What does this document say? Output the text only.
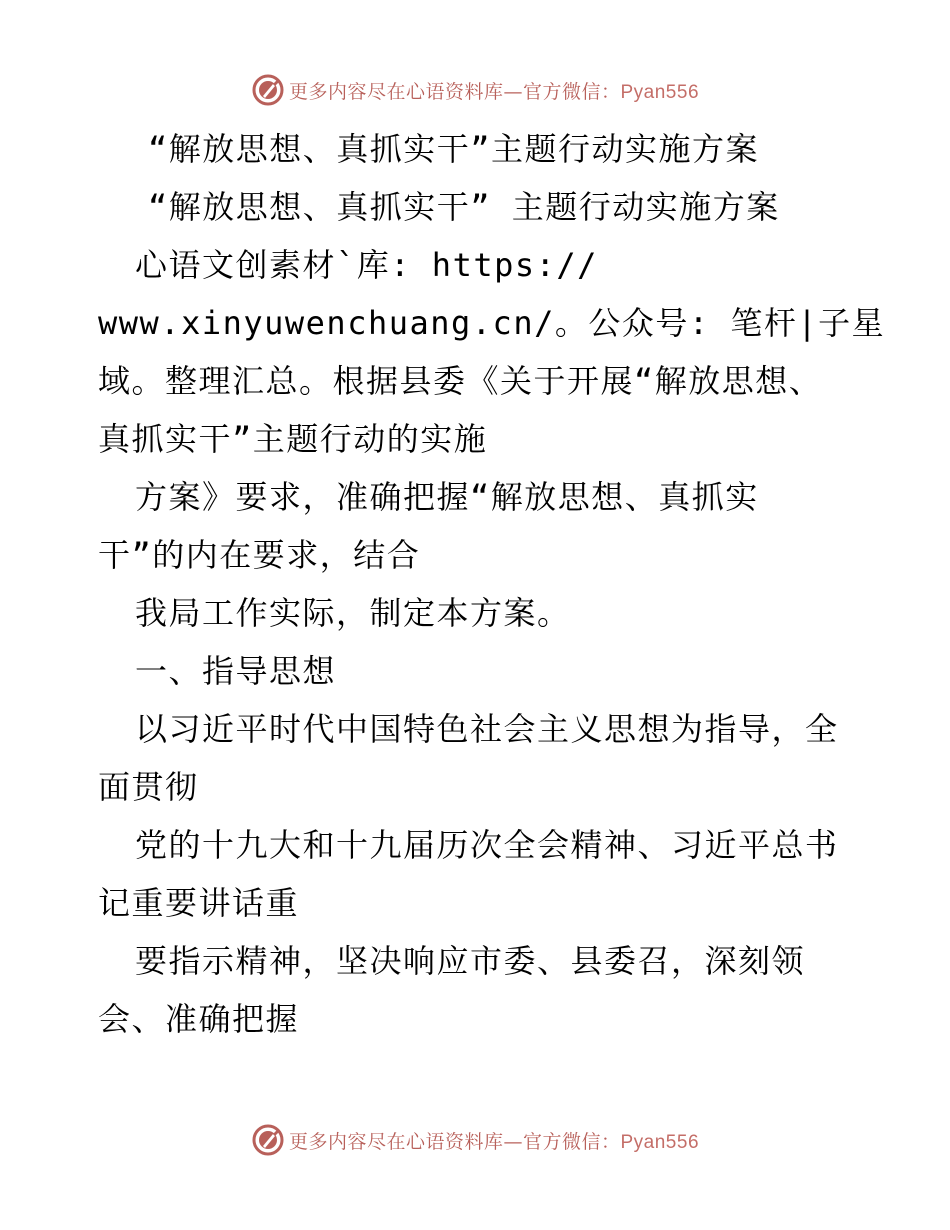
更多内容尽在心语资料库—官方微信：Pyan556
“解放思想、真抓实干”主题行动实施方案
“解放思想、真抓实干” 主题行动实施方案
心语文创素材`库: https://
www.xinyuwenchuang.cn/。公众号: 笔杆|子星
域。整理汇总。根据县委《关于开展“解放思想、
真抓实干”主题行动的实施
方案》要求，准确把握“解放思想、真抓实
干”的内在要求，结合
我局工作实际，制定本方案。
一、指导思想
以习近平时代中国特色社会主义思想为指导，全
面贯彻
党的十九大和十九届历次全会精神、习近平总书
记重要讲话重
要指示精神，坚决响应市委、县委召，深刻领
会、准确把握
更多内容尽在心语资料库—官方微信：Pyan556
